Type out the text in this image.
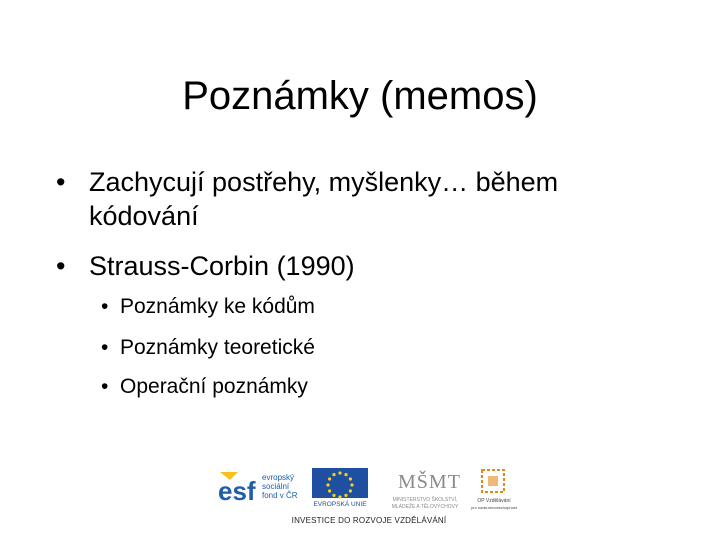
Poznámky (memos)
• Zachycují postřehy, myšlenky… během
kódování
• Strauss-Corbin (1990)
• Poznámky ke kódům
• Poznámky teoretické
• Operační poznámky
esf evropský
sociální
fond v ČR
EVROPSKÁ UNIE
MŠMT
MINISTERSTVO ŠKOLSTVÍ,
MLÁDEŽE A TĚLOVÝCHOVY
OP Vzdělávání
pro konkurenceschopnost
INVESTICE DO ROZVOJE VZDĚLÁVÁNÍ
